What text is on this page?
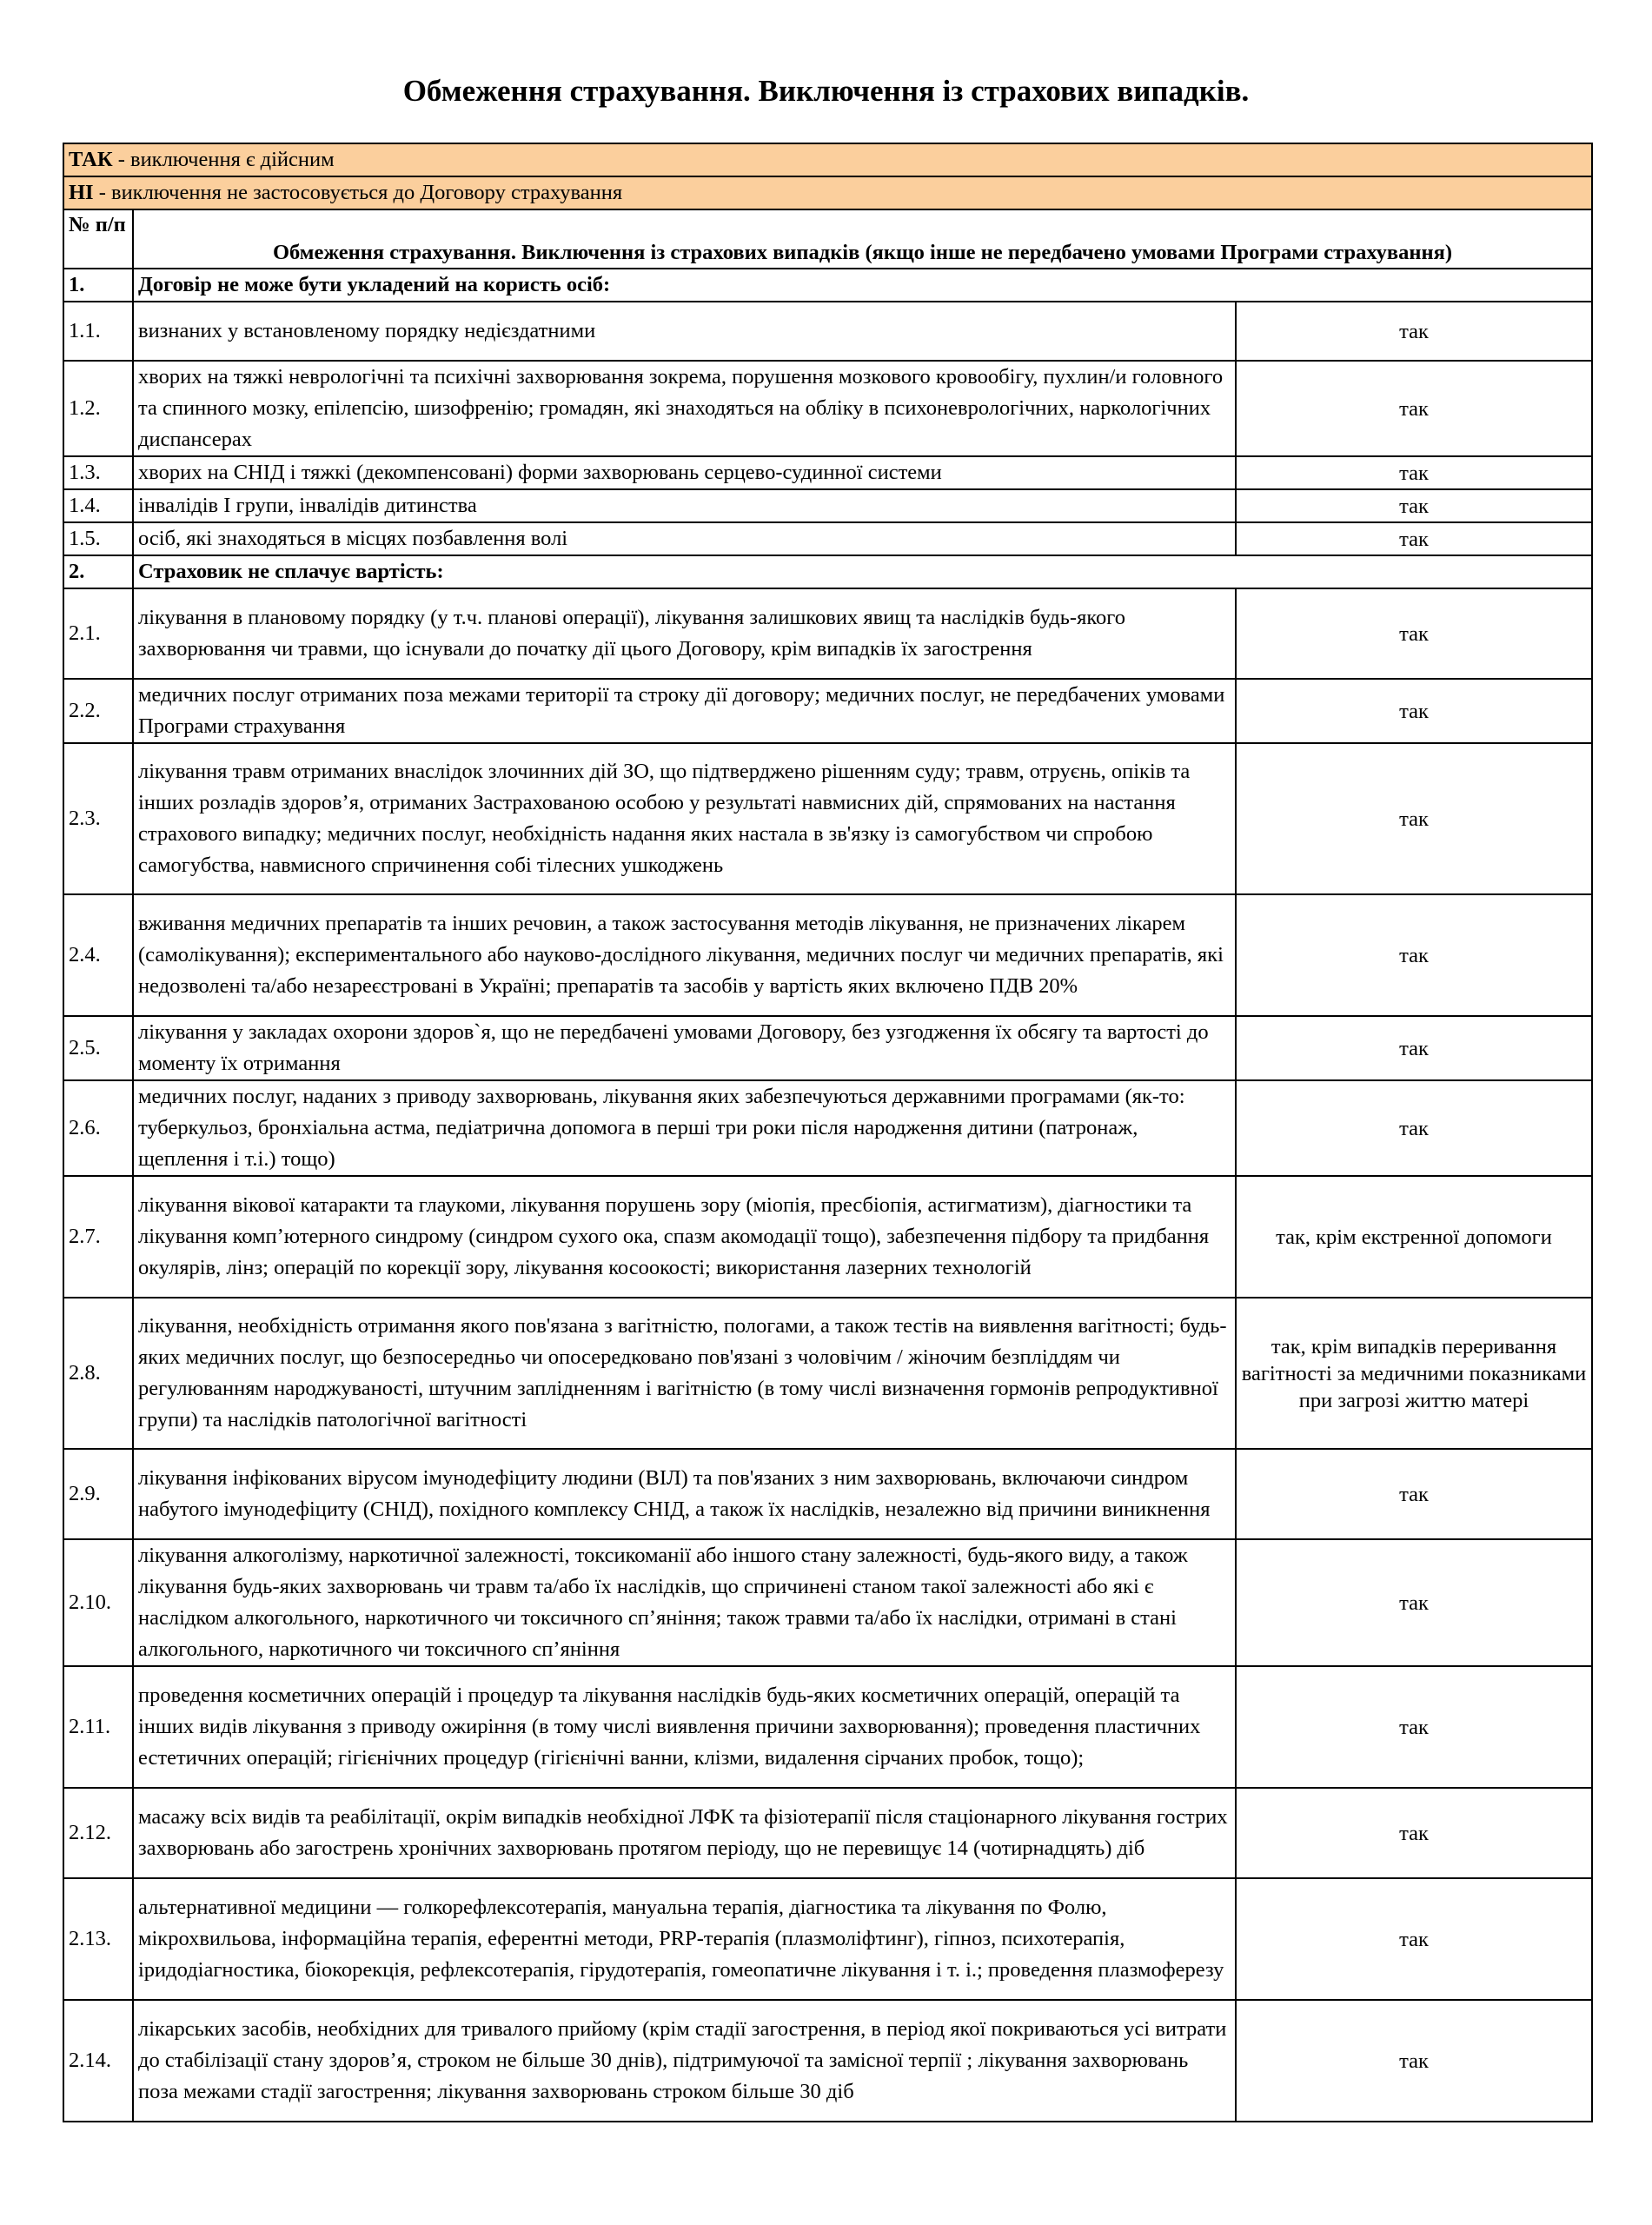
Обмеження страхування. Виключення із страхових випадків.
ТАК - виключення є дійсним		
НІ - виключення не застосовується до Договору страхування		
№ п/п	Обмеження страхування. Виключення із страхових випадків (якщо інше не передбачено умовами Програми страхування)	
1.	Договір не може бути укладений на користь осіб:	
1.1.	визнаних у встановленому порядку недієздатними	так
1.2.	хворих на тяжкі неврологічні та психічні захворювання зокрема, порушення мозкового кровообігу, пухлин/и головного та спинного мозку, епілепсію, шизофренію; громадян, які знаходяться на обліку в психоневрологічних, наркологічних диспансерах	так
1.3.	хворих на СНІД і тяжкі (декомпенсовані) форми захворювань серцево-судинної системи	так
1.4.	інвалідів І групи, інвалідів дитинства	так
1.5.	осіб, які знаходяться в місцях позбавлення волі	так
2.	Страховик не сплачує вартість:	
2.1.	лікування в плановому порядку (у т.ч. планові операції), лікування залишкових явищ та наслідків будь-якого захворювання чи травми, що існували до початку дії цього Договору, крім випадків їх загострення	так
2.2.	медичних послуг отриманих поза межами території та строку дії договору; медичних послуг, не передбачених умовами Програми страхування	так
2.3.	лікування травм отриманих внаслідок злочинних дій ЗО, що підтверджено рішенням суду; травм, отруєнь, опіків та інших розладів здоров’я, отриманих Застрахованою особою у результаті навмисних дій, спрямованих на настання страхового випадку; медичних послуг, необхідність надання яких настала в зв'язку із самогубством чи спробою самогубства, навмисного спричинення собі тілесних ушкоджень	так
2.4.	вживання медичних препаратів та інших речовин, а також застосування методів лікування, не призначених лікарем (самолікування); експериментального або науково-дослідного лікування, медичних послуг чи медичних препаратів, які недозволені та/або незареєстровані в Україні; препаратів та засобів у вартість яких включено ПДВ 20%	так
2.5.	лікування у закладах охорони здоров`я, що не передбачені умовами Договору, без узгодження їх обсягу та вартості до моменту їх отримання	так
2.6.	медичних послуг, наданих з приводу захворювань, лікування яких забезпечуються державними програмами (як-то: туберкульоз, бронхіальна астма, педіатрична допомога в перші три роки після народження дитини (патронаж, щеплення і т.і.) тощо)	так
2.7.	лікування вікової катаракти та глаукоми, лікування порушень зору (міопія, пресбіопія, астигматизм), діагностики та лікування комп’ютерного синдрому (синдром сухого ока, спазм акомодації тощо), забезпечення підбору та придбання окулярів, лінз; операцій по корекції зору, лікування косоокості; використання лазерних технологій	так, крім екстренної допомоги
2.8.	лікування, необхідність отримання якого пов'язана з вагітністю, пологами, а також тестів на виявлення вагітності; будь-яких медичних послуг, що безпосередньо чи опосередковано пов'язані з чоловічим / жіночим безпліддям чи регулюванням народжуваності, штучним заплідненням і вагітністю (в тому числі визначення гормонів репродуктивної групи) та наслідків патологічної вагітності	так, крім випадків переривання вагітності за медичними показниками при загрозі життю матері
2.9.	лікування інфікованих вірусом імунодефіциту людини (ВІЛ) та пов'язаних з ним захворювань, включаючи синдром набутого імунодефіциту (СНІД), похідного комплексу СНІД, а також їх наслідків, незалежно від причини виникнення	так
2.10.	лікування алкоголізму, наркотичної залежності, токсикоманії або іншого стану залежності, будь-якого виду, а також лікування будь-яких захворювань чи травм та/або їх наслідків, що спричинені станом такої залежності або які є наслідком алкогольного, наркотичного чи токсичного сп’яніння; також травми та/або їх наслідки, отримані в стані алкогольного, наркотичного чи токсичного сп’яніння	так
2.11.	проведення косметичних операцій і процедур та лікування наслідків будь-яких косметичних операцій, операцій та інших видів лікування з приводу ожиріння (в тому числі виявлення причини захворювання); проведення пластичних естетичних операцій; гігієнічних процедур (гігієнічні ванни, клізми, видалення сірчаних пробок, тощо);	так
2.12.	масажу всіх видів та реабілітації, окрім випадків необхідної ЛФК та фізіотерапії після стаціонарного лікування гострих захворювань або загострень хронічних захворювань протягом періоду, що не перевищує 14 (чотирнадцять) діб	так
2.13.	альтернативної медицини — голкорефлексотерапія, мануальна терапія, діагностика та лікування по Фолю, мікрохвильова, інформаційна терапія, еферентні методи, PRP-терапія (плазмоліфтинг), гіпноз, психотерапія, іридодіагностика, біокорекція, рефлексотерапія, гірудотерапія, гомеопатичне лікування і т. і.; проведення плазмоферезу	так
2.14.	лікарських засобів, необхідних для тривалого прийому (крім стадії загострення, в період якої покриваються усі витрати до стабілізації стану здоров’я, строком не більше 30 днів), підтримуючої та замісної терпії ; лікування захворювань поза межами стадії загострення; лікування захворювань строком більше 30 діб	так
